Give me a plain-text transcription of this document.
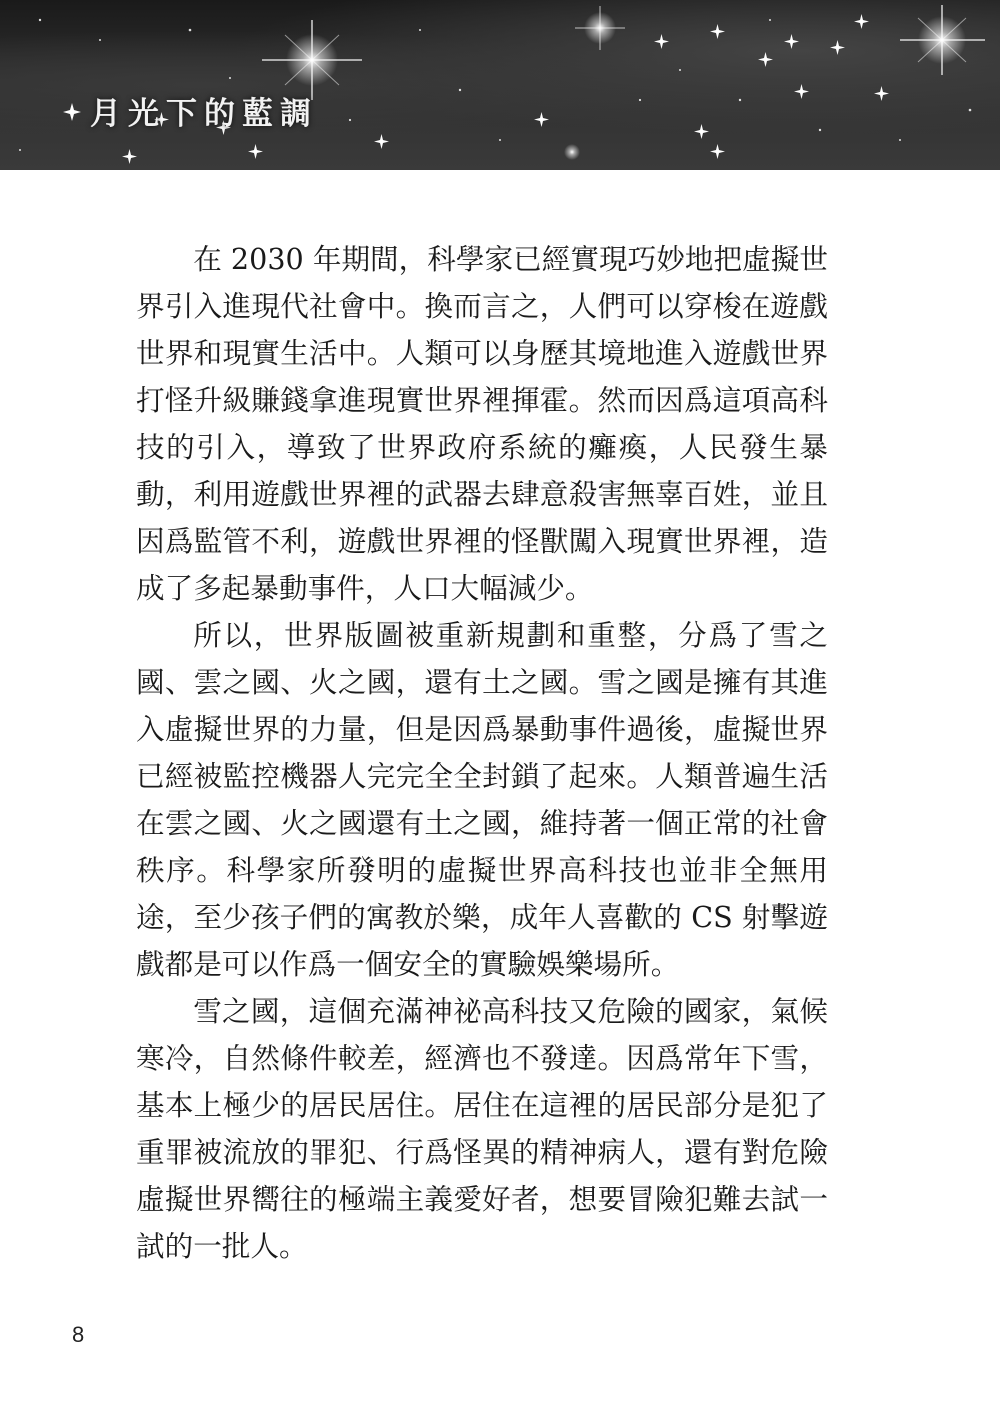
月光下的藍調

在 2030 年期間，科學家已經實現巧妙地把虛擬世界引入進現代社會中。換而言之，人們可以穿梭在遊戲世界和現實生活中。人類可以身歷其境地進入遊戲世界打怪升級賺錢拿進現實世界裡揮霍。然而因爲這項高科技的引入，導致了世界政府系統的癱瘓，人民發生暴動，利用遊戲世界裡的武器去肆意殺害無辜百姓，並且因爲監管不利，遊戲世界裡的怪獸闖入現實世界裡，造成了多起暴動事件，人口大幅減少。

所以，世界版圖被重新規劃和重整，分爲了雪之國、雲之國、火之國，還有土之國。雪之國是擁有其進入虛擬世界的力量，但是因爲暴動事件過後，虛擬世界已經被監控機器人完完全全封鎖了起來。人類普遍生活在雲之國、火之國還有土之國，維持著一個正常的社會秩序。科學家所發明的虛擬世界高科技也並非全無用途，至少孩子們的寓教於樂，成年人喜歡的 CS 射擊遊戲都是可以作爲一個安全的實驗娛樂場所。

雪之國，這個充滿神祕高科技又危險的國家，氣候寒冷，自然條件較差，經濟也不發達。因爲常年下雪，基本上極少的居民居住。居住在這裡的居民部分是犯了重罪被流放的罪犯、行爲怪異的精神病人，還有對危險虛擬世界嚮往的極端主義愛好者，想要冒險犯難去試一試的一批人。

8
